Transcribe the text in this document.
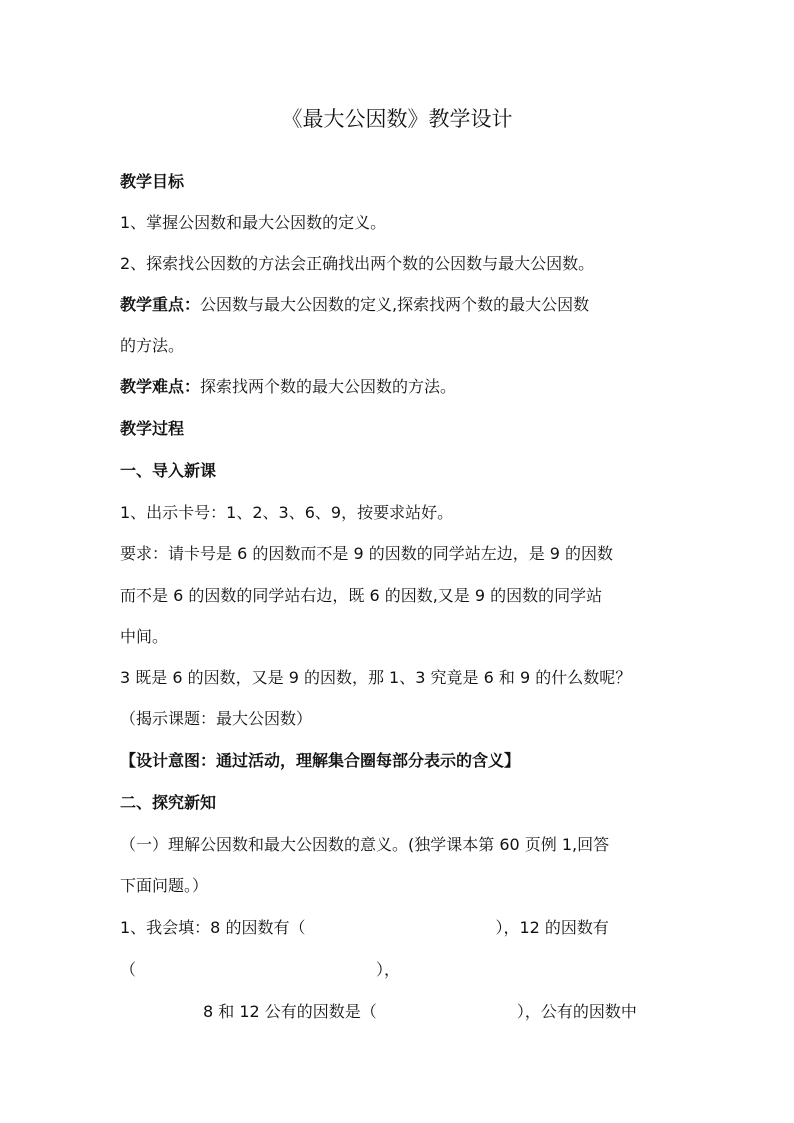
《最大公因数》教学设计
教学目标
1、掌握公因数和最大公因数的定义。
2、探索找公因数的方法会正确找出两个数的公因数与最大公因数。
教学重点：公因数与最大公因数的定义,探索找两个数的最大公因数
的方法。
教学难点：探索找两个数的最大公因数的方法。
教学过程
一、导入新课
1、出示卡号：1、2、3、6、9，按要求站好。
要求：请卡号是 6 的因数而不是 9 的因数的同学站左边，是 9 的因数
而不是 6 的因数的同学站右边，既 6 的因数,又是 9 的因数的同学站
中间。
3 既是 6 的因数，又是 9 的因数，那 1、3 究竟是 6 和 9 的什么数呢？
（揭示课题：最大公因数）
【设计意图：通过活动，理解集合圈每部分表示的含义】
二、探究新知
（一）理解公因数和最大公因数的意义。(独学课本第 60 页例 1,回答
下面问题。）
1、我会填：8 的因数有（	），12 的因数有
（	），
8 和 12 公有的因数是（	），公有的因数中
